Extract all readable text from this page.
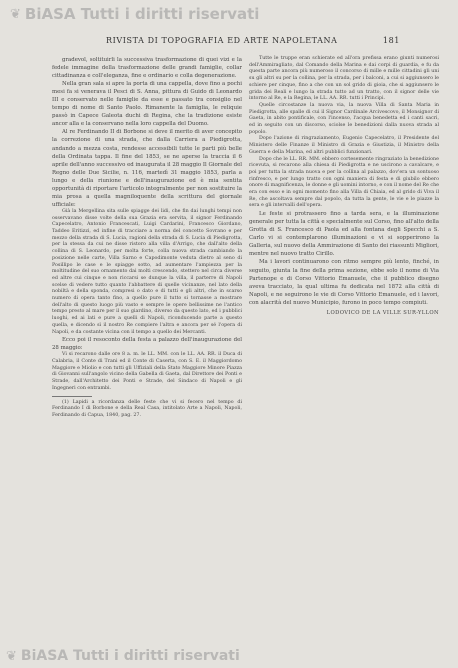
❦ BiASA Tutti i diritti riservati
RIVISTA DI TOPOGRAFIA ED ARTE NAPOLETANA	181

gradevol, soltituirli la successiva trasformazione di quei vizi e la fedele immagine della trasformazione delle grandi famiglie, collar cittadinanza e coll'eleganza, fine e ordinario e colla degenerazione.

Nella gran sala si apre la porta di una cappella, dove fino a pochi mesi fa si venerava il Pesci di S. Anna, pittura di Guido di Leonardo III e conservato nelle famiglie da esse e passato tra consiglio nel tempo di nome di Santo Paolo. Rimanente la famiglia, le reliquie passò in Capece Galeota duchi di Regina, che la tradizione esiste ancor alla e la conservano nella loro cappella del Duomo.

Al re Ferdinando II di Borbone si deve il merito di aver concepito la correzione di una strada, che dalla Carriera a Piedigrotta, andando a mezza costa, rendesse accessibili tutte le parti più belle della Ordinata tappa. Il fine del 1853, se ne aperse la traccia il 6 aprile dell'anno successivo ed inaugurata il 28 maggio Il Giornale del Regno delle Due Sicilie, n. 116, martedì 31 maggio 1853, parla a lungo e della riunione e dell'inaugurazione ed è mia sentita opportunità di riportare l'articolo integralmente per non sostituire la mia prosa a quella magniloquente della scrittura del giornale ufficiale:

Già la Mergellina sita sulle spiagge dei lidi, che fin dai lunghi tempi non osservavano disse volte della sua Grazia era servita, il signor Ferdinando Capecelatro, Antonio Francescati, Luigi Cardarini, Francesco Giordano, Taddeo Eritizzi, ed infine di tracciare a norma del concetto Sovrano e per mezzo della strada di S. Lucia, ragioni della strada di S. Lucia di Piedigrotta, per la stessa da cui ne disse ristoro alla villa d'Arrigo, che dall'alto della collina di S. Leonardo, per molta forte, colla nuova strada cambiando la posizione nelle carte, Villa Sarno e Capodimonte veduta dietro al seno di Posillipo le case e le spiagge sotto, ad aumentare l'ampiezza per la moltitudine del suo ornamento dai molti crescendo, stettero nel circa diverse ed altre cui cinque e non riccarsi se dunque la villa, il parterre di Napoli scelse di vedere tutto quanto l'abbattere di quelle vicinanze, nel lato della nobiltà e della sponda, compresi o dato e di tutti e gli altri, che in scarso numero di opera tanto fino, a quello pure il tutto si tornasse a mostrare dell'alto di questo luogo più vasto e sempre le opere bellissime ne l'antico tempo presto al mare per il suo giardino, diverso da questo lato, ed i pubblici luoghi, ed ai lati e pure a quelli di Napoli, riconducendo parte a questo quella, e dicendo sì il nostro Re compiere l'altra e ancora per sé l'opera di Napoli, e da costante vicina con il tempo a quello dei Mercanti.

Ecco poi il resoconto della festa a palazzo dell'inaugurazione del 28 maggio:

Vi si recarono dalle ore 8 a. m. le LL. MM. con le LL. AA. RR. il Duca di Calabria, il Conte di Trani ed il Conte di Caserta, con S. E. il Maggiordomo Maggiore e Miolio e con tutti gli Uffiziali della Stato Maggiore Minore Piazza di Giovanni sull'angolo vicino della Gabella di Gaeta, dal Direttore dei Ponti e Strade, dall'Architetto dei Ponti e Strade, del Sindaco di Napoli e gli Ingegneri con entrambi.

(1) Lapidi a ricordanza delle feste che vi si fecero nel tempo di Ferdinando I di Borbone e della Real Casa, intitolato Arte a Napoli, Napoli, Ferdinando di Capua, 1840, pag. 27.

Tutte le truppe eran schierate ed all'ora prefissa erano giunti numerosi dell'Ammiragliato, dal Comando della Marina e dai corpi di guardia, e fu da questa parte ancora più numeroso il concorso di mille e mille cittadini gli uni su gli altri su per la collina, per la strada, per i balconi, a cui si aggiunsero le schiere per cinque, fino a che con un sol grido di gioia, che si aggiunsero le grida dei Reali e lungo la strada tutto ad un tratto, con il signor delle vie intorno al Re, e la Regina, le LL. AA. RR. tutti i Principi.

Quelle circostanze la nuova via, la nuova Villa di Santa Maria in Piedigrotta, alle spalle di cui il Signor Cardinale Arcivescovo, il Monsignor di Gaeta, in abito pontificale, con l'incenso, l'acqua benedetta ed i canti sacri, ed in seguito con un discorso, sciolse le benedizioni dalla nuova strada al popolo.

Dopo l'azione di ringraziamento, Eugenio Capecelatro, il Presidente del Ministero delle Finanze il Ministro di Grazia e Giustizia, il Ministro della Guerra e della Marina, ed altri pubblici funzionari.

Dopo che le LL. RR. MM. ebbero cortesemente ringraziato la benedizione ricevuta, si recarono alla chiesa di Piedigrotta e ne uscirono a cavalcare, e poi per tutta la strada nuova e per la collina al palazzo, dov'era un sontuoso rinfresco, e per lungo tratto con ogni maniera di festa e di giubilo ebbero onore di magnificenza, le donne e gli uomini intorno, e con il nome del Re che era con esso e in ogni momento fino alla Villa di Chiaia, ed al grido di Viva il Re, che ascoltava sempre dal popolo, da tutta la gente, le vie e le piazze la sera e gli intervalli dell'opera.

Le feste si protrassero fino a tarda sera, e la illuminazione generale per tutta la città e specialmente sul Corso, fino all'alto della Grotta di S. Francesco di Paola ed alla fontana degli Specchi a S. Carlo vi si contemplarono illuminazioni e vi si sopperirono la Galleria, sul nuovo della Ammirazione di Santo dei riassunti Migliori, mentre nel nuovo tratto Cirillo.

Ma i lavori continuarono con ritmo sempre più lento, finché, in seguito, giunta la fine della prima sezione, ebbe solo il nome di Via Partenope e di Corso Vittorio Emanuele, che il pubblico disegno aveva tracciato, la qual ultima fu dedicata nel 1872 alla città di Napoli, e ne seguirono le vie di Corso Vittorio Emanuele, ed i lavori, con alacrità del nuovo Municipio, furono in poco tempo compiuti.

LODOVICO DE LA VILLE SUR-YLLON
❦ BiASA Tutti i diritti riservati
